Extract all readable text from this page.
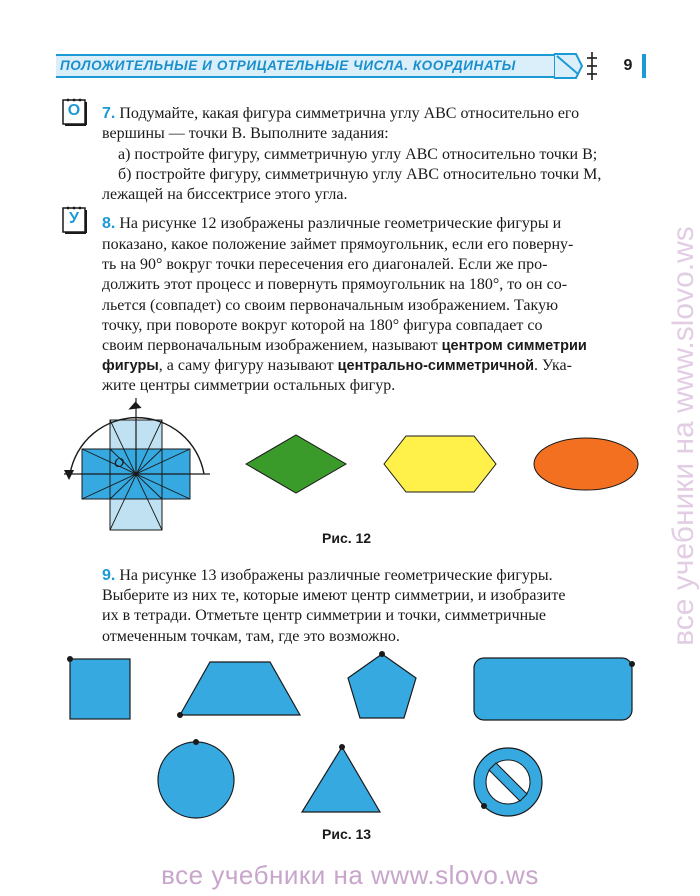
ПОЛОЖИТЕЛЬНЫЕ И ОТРИЦАТЕЛЬНЫЕ ЧИСЛА. КООРДИНАТЫ	9
О	7. Подумайте, какая фигура симметрична углу ABC относительно его
вершины — точки B. Выполните задания:
а) постройте фигуру, симметричную углу ABC относительно точки B;
б) постройте фигуру, симметричную углу ABC относительно точки M,
лежащей на биссектрисе этого угла.
У	8. На рисунке 12 изображены различные геометрические фигуры и
показано, какое положение займет прямоугольник, если его поверну-
ть на 90° вокруг точки пересечения его диагоналей. Если же про-
должить этот процесс и повернуть прямоугольник на 180°, то он со-
льется (совпадет) со своим первоначальным изображением. Такую
точку, при повороте вокруг которой на 180° фигура совпадает со
своим первоначальным изображением, называют центром симметрии
фигуры, а саму фигуру называют центрально-симметричной. Ука-
жите центры симметрии остальных фигур.
O
Рис. 12
9. На рисунке 13 изображены различные геометрические фигуры.
Выберите из них те, которые имеют центр симметрии, и изобразите
их в тетради. Отметьте центр симметрии и точки, симметричные
отмеченным точкам, там, где это возможно.
Рис. 13
все учебники на www.slovo.ws
все учебники на www.slovo.ws
